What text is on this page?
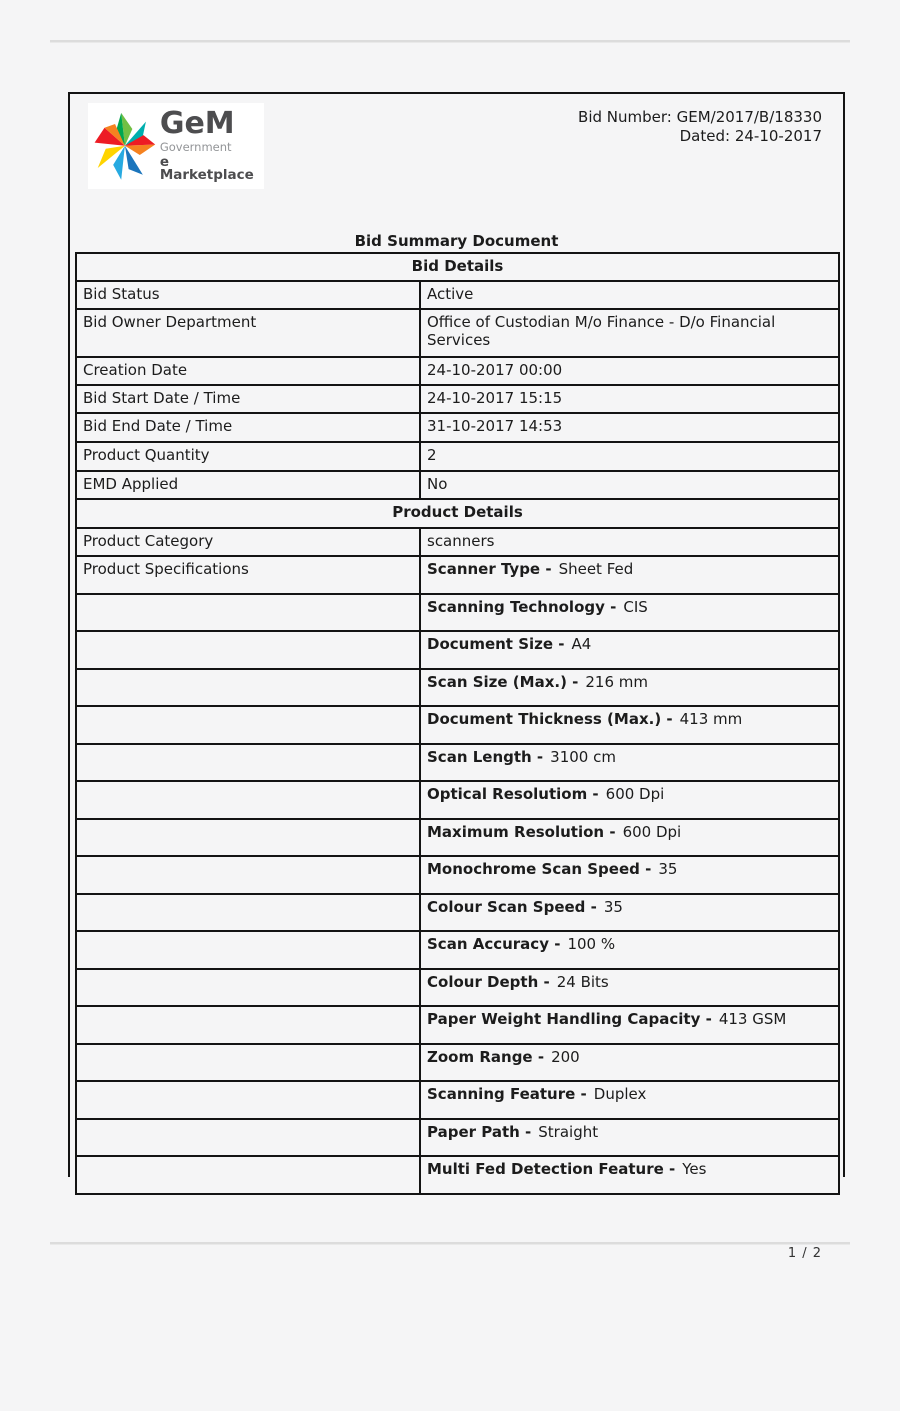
GeM
Government
e Marketplace
Bid Number: GEM/2017/B/18330
Dated: 24-10-2017
Bid Summary Document
Bid Details	
Bid Status	Active
Bid Owner Department	Office of Custodian M/o Finance - D/o Financial Services
Creation Date	24-10-2017 00:00
Bid Start Date / Time	24-10-2017 15:15
Bid End Date / Time	31-10-2017 14:53
Product Quantity	2
EMD Applied	No
Product Details	
Product Category	scanners
Product Specifications	Scanner Type - Sheet Fed
	Scanning Technology - CIS
	Document Size - A4
	Scan Size (Max.) - 216 mm
	Document Thickness (Max.) - 413 mm
	Scan Length - 3100 cm
	Optical Resolutiom - 600 Dpi
	Maximum Resolution - 600 Dpi
	Monochrome Scan Speed - 35
	Colour Scan Speed - 35
	Scan Accuracy - 100 %
	Colour Depth - 24 Bits
	Paper Weight Handling Capacity - 413 GSM
	Zoom Range - 200
	Scanning Feature - Duplex
	Paper Path - Straight
	Multi Fed Detection Feature - Yes
1 / 2
